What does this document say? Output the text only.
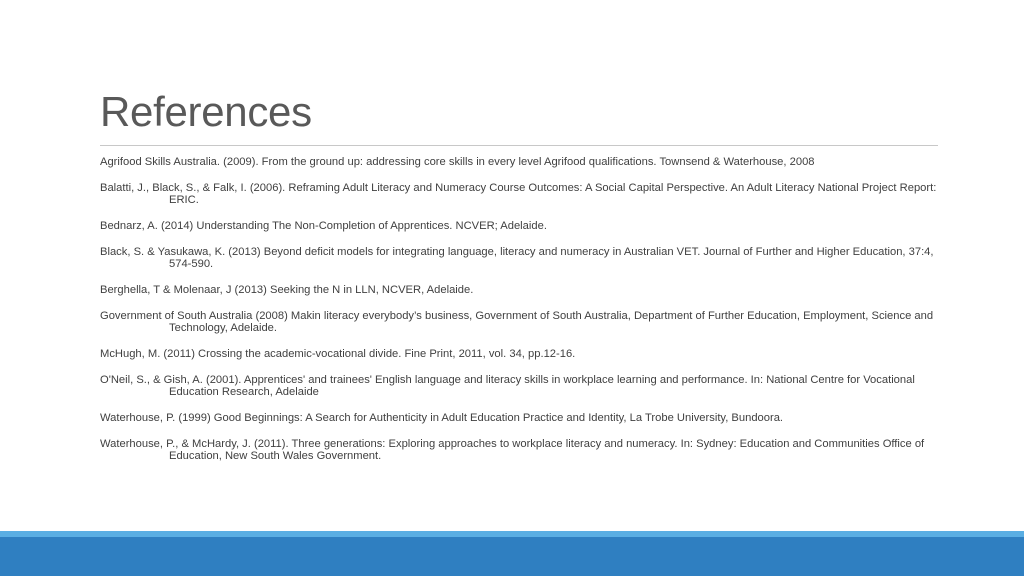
References
Agrifood Skills Australia. (2009). From the ground up: addressing core skills in every level Agrifood qualifications. Townsend & Waterhouse, 2008
Balatti, J., Black, S., & Falk, I. (2006). Reframing Adult Literacy and Numeracy Course Outcomes: A Social Capital Perspective. An Adult Literacy National Project Report: ERIC.
Bednarz, A. (2014) Understanding The Non-Completion of Apprentices. NCVER; Adelaide.
Black, S. & Yasukawa, K. (2013) Beyond deficit models for integrating language, literacy and numeracy in Australian VET. Journal of Further and Higher Education, 37:4, 574-590.
Berghella, T & Molenaar, J (2013) Seeking the N in LLN, NCVER, Adelaide.
Government of South Australia (2008) Makin literacy everybody’s business, Government of South Australia, Department of Further Education, Employment, Science and Technology, Adelaide.
McHugh, M. (2011) Crossing the academic-vocational divide. Fine Print, 2011, vol. 34, pp.12-16.
O'Neil, S., & Gish, A. (2001). Apprentices' and trainees' English language and literacy skills in workplace learning and performance. In: National Centre for Vocational Education Research, Adelaide
Waterhouse, P. (1999) Good Beginnings: A Search for Authenticity in Adult Education Practice and Identity, La Trobe University, Bundoora.
Waterhouse, P., & McHardy, J. (2011). Three generations: Exploring approaches to workplace literacy and numeracy. In: Sydney: Education and Communities Office of Education, New South Wales Government.
